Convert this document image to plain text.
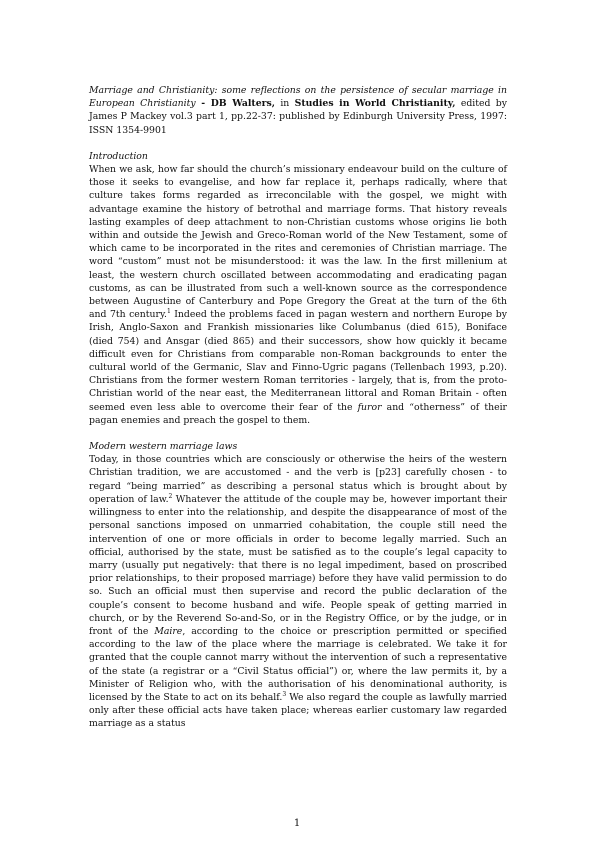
Marriage and Christianity: some reflections on the persistence of secular marriage in European Christianity - DB Walters, in Studies in World Christianity, edited by James P Mackey vol.3 part 1, pp.22-37: published by Edinburgh University Press, 1997: ISSN 1354-9901

Introduction

When we ask, how far should the church’s missionary endeavour build on the culture of those it seeks to evangelise, and how far replace it, perhaps radically, where that culture takes forms regarded as irreconcilable with the gospel, we might with advantage examine the history of betrothal and marriage forms. That history reveals lasting examples of deep attachment to non-Christian customs whose origins lie both within and outside the Jewish and Greco-Roman world of the New Testament, some of which came to be incorporated in the rites and ceremonies of Christian marriage. The word “custom” must not be misunderstood: it was the law. In the first millenium at least, the western church oscillated between accommodating and eradicating pagan customs, as can be illustrated from such a well-known source as the correspondence between Augustine of Canterbury and Pope Gregory the Great at the turn of the 6th and 7th century.$^1$ Indeed the problems faced in pagan western and northern Europe by Irish, Anglo-Saxon and Frankish missionaries like Columbanus (died 615), Boniface (died 754) and Ansgar (died 865) and their successors, show how quickly it became difficult even for Christians from comparable non-Roman backgrounds to enter the cultural world of the Germanic, Slav and Finno-Ugric pagans (Tellenbach 1993, p.20). Christians from the former western Roman territories - largely, that is, from the proto-Christian world of the near east, the Mediterranean littoral and Roman Britain - often seemed even less able to overcome their fear of the furor and “otherness” of their pagan enemies and preach the gospel to them.

Modern western marriage laws

Today, in those countries which are consciously or otherwise the heirs of the western Christian tradition, we are accustomed - and the verb is [p23] carefully chosen - to regard “being married” as describing a personal status which is brought about by operation of law.$^2$ Whatever the attitude of the couple may be, however important their willingness to enter into the relationship, and despite the disappearance of most of the personal sanctions imposed on unmarried cohabitation, the couple still need the intervention of one or more officials in order to become legally married. Such an official, authorised by the state, must be satisfied as to the couple’s legal capacity to marry (usually put negatively: that there is no legal impediment, based on proscribed prior relationships, to their proposed marriage) before they have valid permission to do so. Such an official must then supervise and record the public declaration of the couple’s consent to become husband and wife. People speak of getting married in church, or by the Reverend So-and-So, or in the Registry Office, or by the judge, or in front of the Maire, according to the choice or prescription permitted or specified according to the law of the place where the marriage is celebrated. We take it for granted that the couple cannot marry without the intervention of such a representative of the state (a registrar or a “Civil Status official”) or, where the law permits it, by a Minister of Religion who, with the authorisation of his denominational authority, is licensed by the State to act on its behalf.$^3$ We also regard the couple as lawfully married only after these official acts have taken place; whereas earlier customary law regarded marriage as a status

1
